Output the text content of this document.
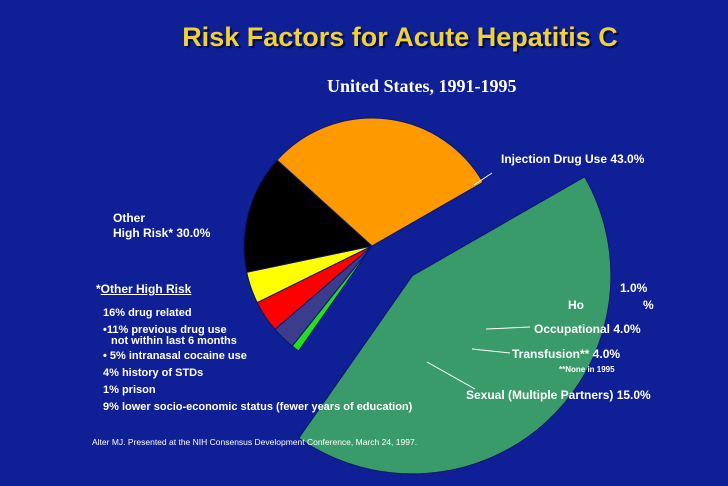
Risk Factors for Acute Hepatitis C
United States, 1991-1995
Other
High Risk* 30.0%
Injection Drug Use 43.0%
1.0%
Ho	%
Occupational 4.0%
Transfusion** 4.0%
**None in 1995
Sexual (Multiple Partners) 15.0%
*Other High Risk
16% drug related
•11% previous drug use
not within last 6 months
• 5% intranasal cocaine use
4% history of STDs
1% prison
9% lower socio-economic status (fewer years of education)
Alter MJ. Presented at the NIH Consensus Development Conference, March 24, 1997.
